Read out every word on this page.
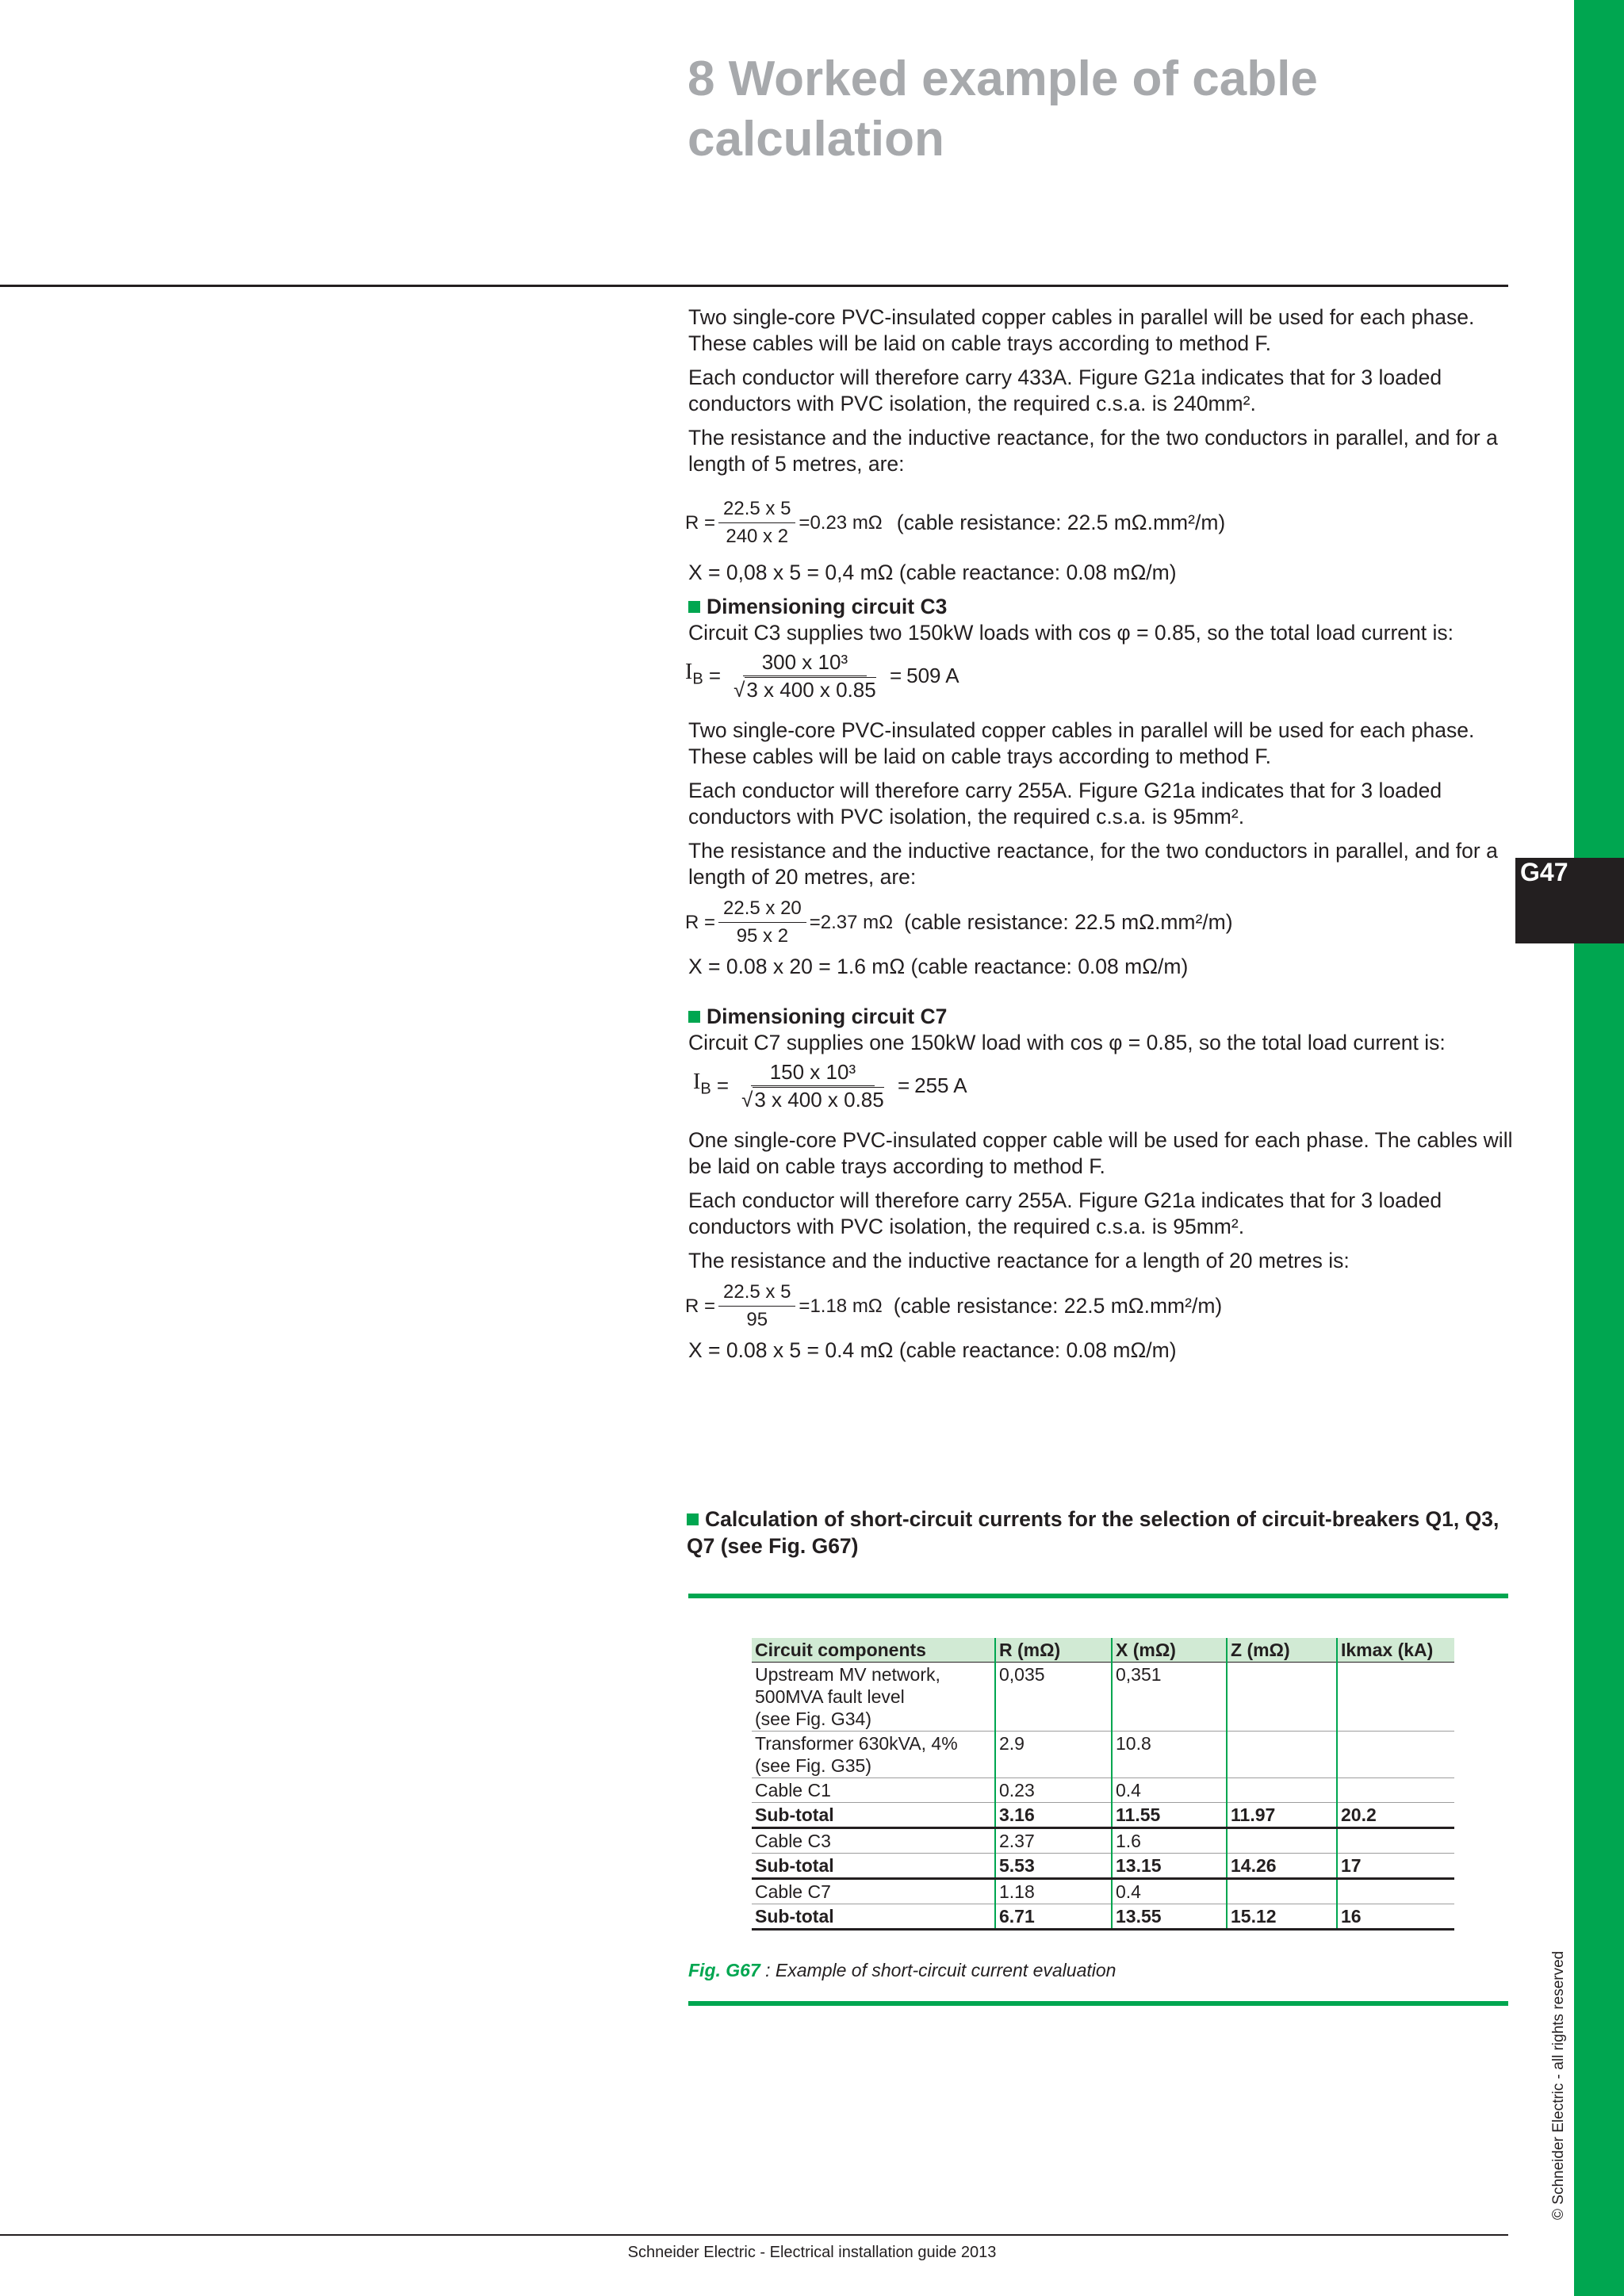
G47
© Schneider Electric - all rights reserved
8 Worked example of cable calculation

Two single-core PVC-insulated copper cables in parallel will be used for each phase. These cables will be laid on cable trays according to method F.

Each conductor will therefore carry 433A. Figure G21a indicates that for 3 loaded conductors with PVC isolation, the required c.s.a. is 240mm².

The resistance and the inductive reactance, for the two conductors in parallel, and for a length of 5 metres, are:

$R = \frac{22.5 x 5}{240 x 2} = 0.23$ mΩ (cable resistance: 22.5 mΩ.mm²/m)
X = 0,08 x 5 = 0,4 mΩ (cable reactance: 0.08 mΩ/m)
Dimensioning circuit C3

Circuit C3 supplies two 150kW loads with cos φ = 0.85, so the total load current is:

$I_B = \frac{\text{300 x 10³}}{√3 x 400 x 0.85} = 509$ A

Two single-core PVC-insulated copper cables in parallel will be used for each phase. These cables will be laid on cable trays according to method F.

Each conductor will therefore carry 255A. Figure G21a indicates that for 3 loaded conductors with PVC isolation, the required c.s.a. is 95mm².

The resistance and the inductive reactance, for the two conductors in parallel, and for a length of 20 metres, are:

$R = \frac{22.5 x 20}{95 x 2} = 2.37$ mΩ (cable resistance: 22.5 mΩ.mm²/m)
X = 0.08 x 20 = 1.6 mΩ (cable reactance: 0.08 mΩ/m)
Dimensioning circuit C7

Circuit C7 supplies one 150kW load with cos φ = 0.85, so the total load current is:

$I_B = \frac{\text{150 x 10³}}{√3 x 400 x 0.85} = 255$ A

One single-core PVC-insulated copper cable will be used for each phase. The cables will be laid on cable trays according to method F.

Each conductor will therefore carry 255A. Figure G21a indicates that for 3 loaded conductors with PVC isolation, the required c.s.a. is 95mm².

The resistance and the inductive reactance for a length of 20 metres is:

$R = \frac{22.5 x 5}{95} = 1.18$ mΩ (cable resistance: 22.5 mΩ.mm²/m)
X = 0.08 x 5 = 0.4 mΩ (cable reactance: 0.08 mΩ/m)
Calculation of short-circuit currents for the selection of circuit-breakers Q1, Q3, Q7 (see Fig. G67)
Circuit components	R (mΩ)	X (mΩ)	Z (mΩ)	Ikmax (kA)
Upstream MV network,
500MVA fault level
(see Fig. G34)	0,035	0,351		
Transformer 630kVA, 4%
(see Fig. G35)	2.9	10.8		
Cable C1	0.23	0.4		
Sub-total	3.16	11.55	11.97	20.2
Cable C3	2.37	1.6		
Sub-total	5.53	13.15	14.26	17
Cable C7	1.18	0.4		
Sub-total	6.71	13.55	15.12	16
Fig. G67 : Example of short-circuit current evaluation
Schneider Electric - Electrical installation guide 2013
